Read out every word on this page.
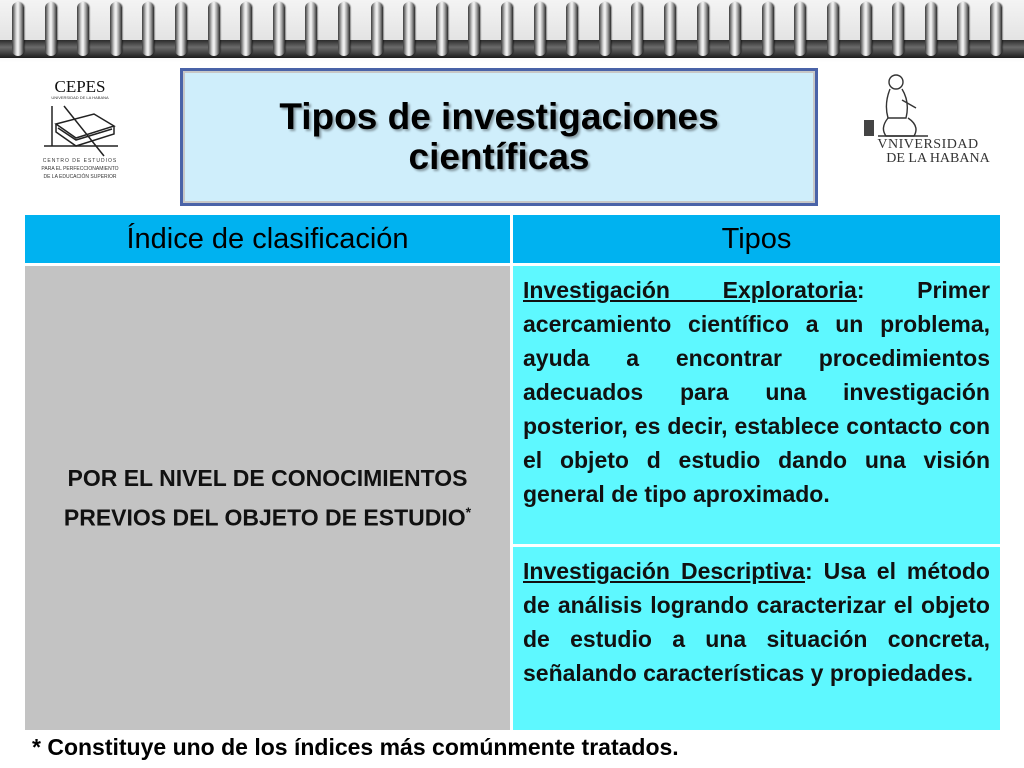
CEPES
UNIVERSIDAD DE LA HABANA
CENTRO DE ESTUDIOS
PARA EL PERFECCIONAMIENTO
DE LA EDUCACIÓN SUPERIOR
VNIVERSIDAD
DE LA HABANA
Tipos de investigaciones científicas
Índice de clasificación	Tipos
POR EL NIVEL DE CONOCIMIENTOS PREVIOS DEL OBJETO DE ESTUDIO*
Investigación Exploratoria: Primer acercamiento científico a un problema, ayuda a encontrar procedimientos adecuados para una investigación posterior, es decir, establece contacto con el objeto d estudio dando una visión general de tipo aproximado.
Investigación Descriptiva: Usa el método de análisis logrando caracterizar el objeto de estudio a una situación concreta, señalando características y propiedades.
* Constituye uno de los índices más comúnmente tratados.
